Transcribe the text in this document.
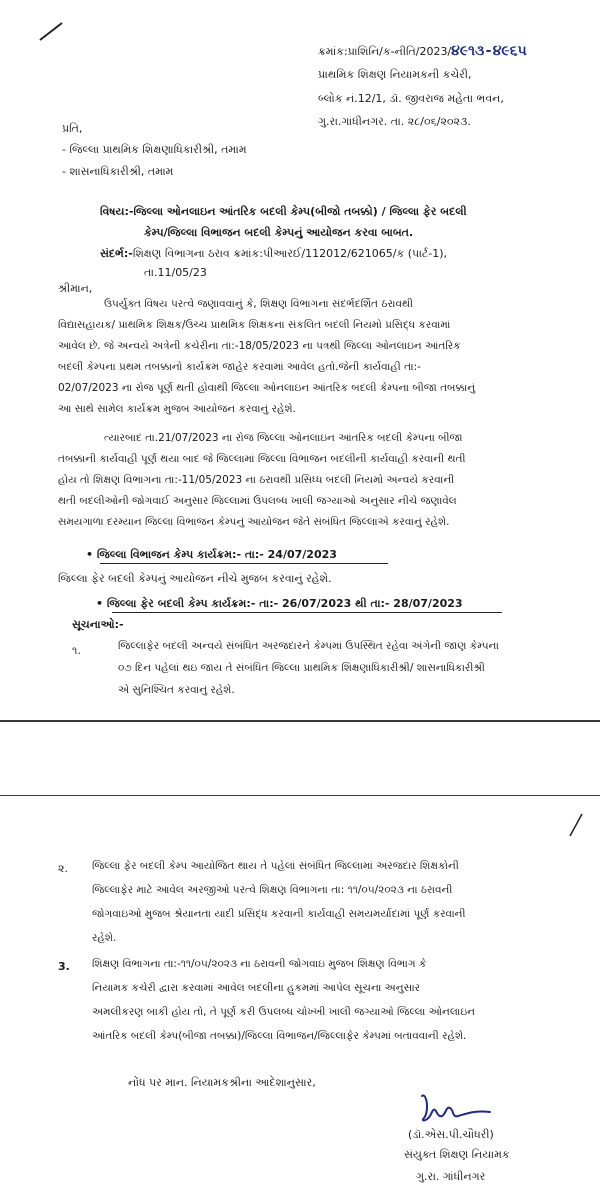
ક્રમાંક:પ્રાશિનિ/ક-નીતિ/2023/૪૯૧૩-૪૯૬૫
પ્રાથમિક શિક્ષણ નિયામકની કચેરી,
બ્લોક નં.12/1, ડૉ. જીવરાજ મહેતા ભવન,
ગુ.રા.ગાંધીનગર. તા. ૨૮/૦૬/૨૦૨૩.
પ્રતિ,
- જિલ્લા પ્રાથમિક શિક્ષણાધિકારીશ્રી, તમામ
- શાસનાધિકારીશ્રી, તમામ
વિષય:-જિલ્લા ઓનલાઇન આંતરિક બદલી કેમ્પ(બીજો તબક્કો) / જિલ્લા ફેર બદલી
કેમ્પ/જિલ્લા વિભાજન બદલી કેમ્પનું આયોજન કરવા બાબત.
સંદર્ભ:-શિક્ષણ વિભાગના ઠરાવ ક્રમાંક:પીઆરઈ/112012/621065/ક (પાર્ટ-1),
તા.11/05/23
શ્રીમાન,
ઉપર્યુક્ત વિષય પરત્વે જણાવવાનું કે, શિક્ષણ વિભાગના સંદર્ભદર્શિત ઠરાવથી
વિદ્યાસહાયક/ પ્રાથમિક શિક્ષક/ઉચ્ચ પ્રાથમિક શિક્ષકના સંકલિત બદલી નિયમો પ્રસિદ્ધ કરવામાં
આવેલ છે. જે અન્વયે અત્રેની કચેરીના તા:-18/05/2023 ના પત્રથી જિલ્લા ઓનલાઇન આંતરિક
બદલી કેમ્પના પ્રથમ તબક્કાનો કાર્યક્રમ જાહેર કરવામાં આવેલ હતો.જેની કાર્યવાહી તા:-
02/07/2023 ના રોજ પૂર્ણ થતી હોવાથી જિલ્લા ઓનલાઇન આંતરિક બદલી કેમ્પના બીજા તબક્કાનું
આ સાથે સામેલ કાર્યક્રમ મુજબ આયોજન કરવાનું રહેશે.
ત્યારબાદ તા.21/07/2023 ના રોજ જિલ્લા ઓનલાઇન આંતરિક બદલી કેમ્પના બીજા
તબક્કાની કાર્યવાહી પૂર્ણ થયા બાદ જે જિલ્લામાં જિલ્લા વિભાજન બદલીની કાર્યવાહી કરવાની થતી
હોય તો શિક્ષણ વિભાગના તા:-11/05/2023 ના ઠરાવથી પ્રસિધ્ધ બદલી નિયમો અન્વયે કરવાની
થતી બદલીઓની જોગવાઈ અનુસાર જિલ્લામાં ઉપલબ્ધ ખાલી જગ્યાઓ અનુસાર નીચે જણાવેલ
સમયગાળા દરમ્યાન જિલ્લા વિભાજન કેમ્પનું આયોજન જેતે સંબંધિત જિલ્લાએ કરવાનું રહેશે.
• જિલ્લા વિભાજન કેમ્પ કાર્યક્રમ:- તા:- 24/07/2023
જિલ્લા ફેર બદલી કેમ્પનું આયોજન નીચે મુજબ કરવાનું રહેશે.
• જિલ્લા ફેર બદલી કેમ્પ કાર્યક્રમ:- તા:- 26/07/2023 થી તા:- 28/07/2023
સૂચનાઓ:-
૧.	જિલ્લાફેર બદલી અન્વયે સંબંધિત અરજદારને કેમ્પમાં ઉપસ્થિત રહેવા અંગેની જાણ કેમ્પના
૦૭ દિન પહેલાં થઇ જાય તે સંબંધિત જિલ્લા પ્રાથમિક શિક્ષણાધિકારીશ્રી/ શાસનાધિકારીશ્રી
એ સુનિશ્ચિત કરવાનું રહેશે.
૨. જિલ્લા ફેર બદલી કેમ્પ આયોજિત થાય તે પહેલાં સંબંધિત જિલ્લામાં અરજદાર શિક્ષકોની
જિલ્લાફેર માટે આવેલ અરજીઓ પરત્વે શિક્ષણ વિભાગના તા: ૧૧/૦૫/૨૦૨૩ ના ઠરાવની
જોગવાઇઓ મુજબ શ્રેયાનતા યાદી પ્રસિદ્ધ કરવાની કાર્યવાહી સમયમર્યાદામાં પૂર્ણ કરવાની
રહેશે.
3. શિક્ષણ વિભાગના તા:-૧૧/૦૫/૨૦૨૩ ના ઠરાવની જોગવાઇ મુજબ શિક્ષણ વિભાગ કે
નિયામક કચેરી દ્વારા કરવામાં આવેલ બદલીના હુકમમાં આપેલ સૂચના અનુસાર
અમલીકરણ બાકી હોય તો, તે પૂર્ણ કરી ઉપલબ્ધ ચોખ્ખી ખાલી જગ્યાઓ જિલ્લા ઓનલાઇન
આંતરિક બદલી કેમ્પ(બીજા તબક્કા)/જિલ્લા વિભાજન/જિલ્લાફેર કેમ્પમાં બતાવવાની રહેશે.
નોંધ પર માન. નિયામકશ્રીના આદેશાનુસાર,
(ડૉ.એસ.પી.ચૌધરી)
સંયુક્ત શિક્ષણ નિયામક
ગુ.રા. ગાંધીનગર
